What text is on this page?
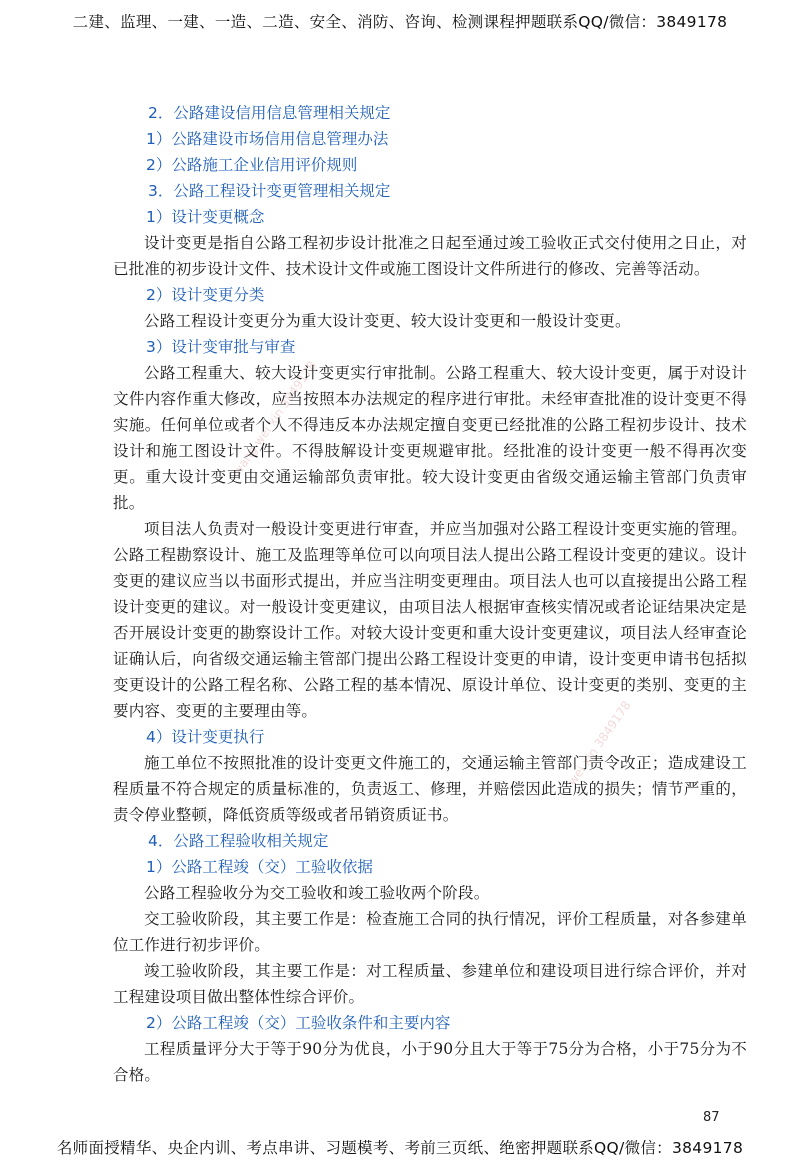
二建、监理、一建、一造、二造、安全、消防、咨询、检测课程押题联系QQ/微信：3849178
wang wei xin 3849178
wei xin 3849178
2．公路建设信用信息管理相关规定
1）公路建设市场信用信息管理办法
2）公路施工企业信用评价规则
3．公路工程设计变更管理相关规定
1）设计变更概念

设计变更是指自公路工程初步设计批准之日起至通过竣工验收正式交付使用之日止，对已批准的初步设计文件、技术设计文件或施工图设计文件所进行的修改、完善等活动。

2）设计变更分类

公路工程设计变更分为重大设计变更、较大设计变更和一般设计变更。

3）设计变审批与审查

公路工程重大、较大设计变更实行审批制。公路工程重大、较大设计变更，属于对设计文件内容作重大修改，应当按照本办法规定的程序进行审批。未经审查批准的设计变更不得实施。任何单位或者个人不得违反本办法规定擅自变更已经批准的公路工程初步设计、技术设计和施工图设计文件。不得肢解设计变更规避审批。经批准的设计变更一般不得再次变更。重大设计变更由交通运输部负责审批。较大设计变更由省级交通运输主管部门负责审批。

项目法人负责对一般设计变更进行审查，并应当加强对公路工程设计变更实施的管理。公路工程勘察设计、施工及监理等单位可以向项目法人提出公路工程设计变更的建议。设计变更的建议应当以书面形式提出，并应当注明变更理由。项目法人也可以直接提出公路工程设计变更的建议。对一般设计变更建议，由项目法人根据审查核实情况或者论证结果决定是否开展设计变更的勘察设计工作。对较大设计变更和重大设计变更建议，项目法人经审查论证确认后，向省级交通运输主管部门提出公路工程设计变更的申请，设计变更申请书包括拟变更设计的公路工程名称、公路工程的基本情况、原设计单位、设计变更的类别、变更的主要内容、变更的主要理由等。

4）设计变更执行

施工单位不按照批准的设计变更文件施工的，交通运输主管部门责令改正；造成建设工程质量不符合规定的质量标准的，负责返工、修理，并赔偿因此造成的损失；情节严重的，责令停业整顿，降低资质等级或者吊销资质证书。

4．公路工程验收相关规定
1）公路工程竣（交）工验收依据

公路工程验收分为交工验收和竣工验收两个阶段。

交工验收阶段，其主要工作是：检查施工合同的执行情况，评价工程质量，对各参建单位工作进行初步评价。

竣工验收阶段，其主要工作是：对工程质量、参建单位和建设项目进行综合评价，并对工程建设项目做出整体性综合评价。

2）公路工程竣（交）工验收条件和主要内容

工程质量评分大于等于90分为优良，小于90分且大于等于75分为合格，小于75分为不合格。

87
名师面授精华、央企内训、考点串讲、习题模考、考前三页纸、绝密押题联系QQ/微信：3849178
